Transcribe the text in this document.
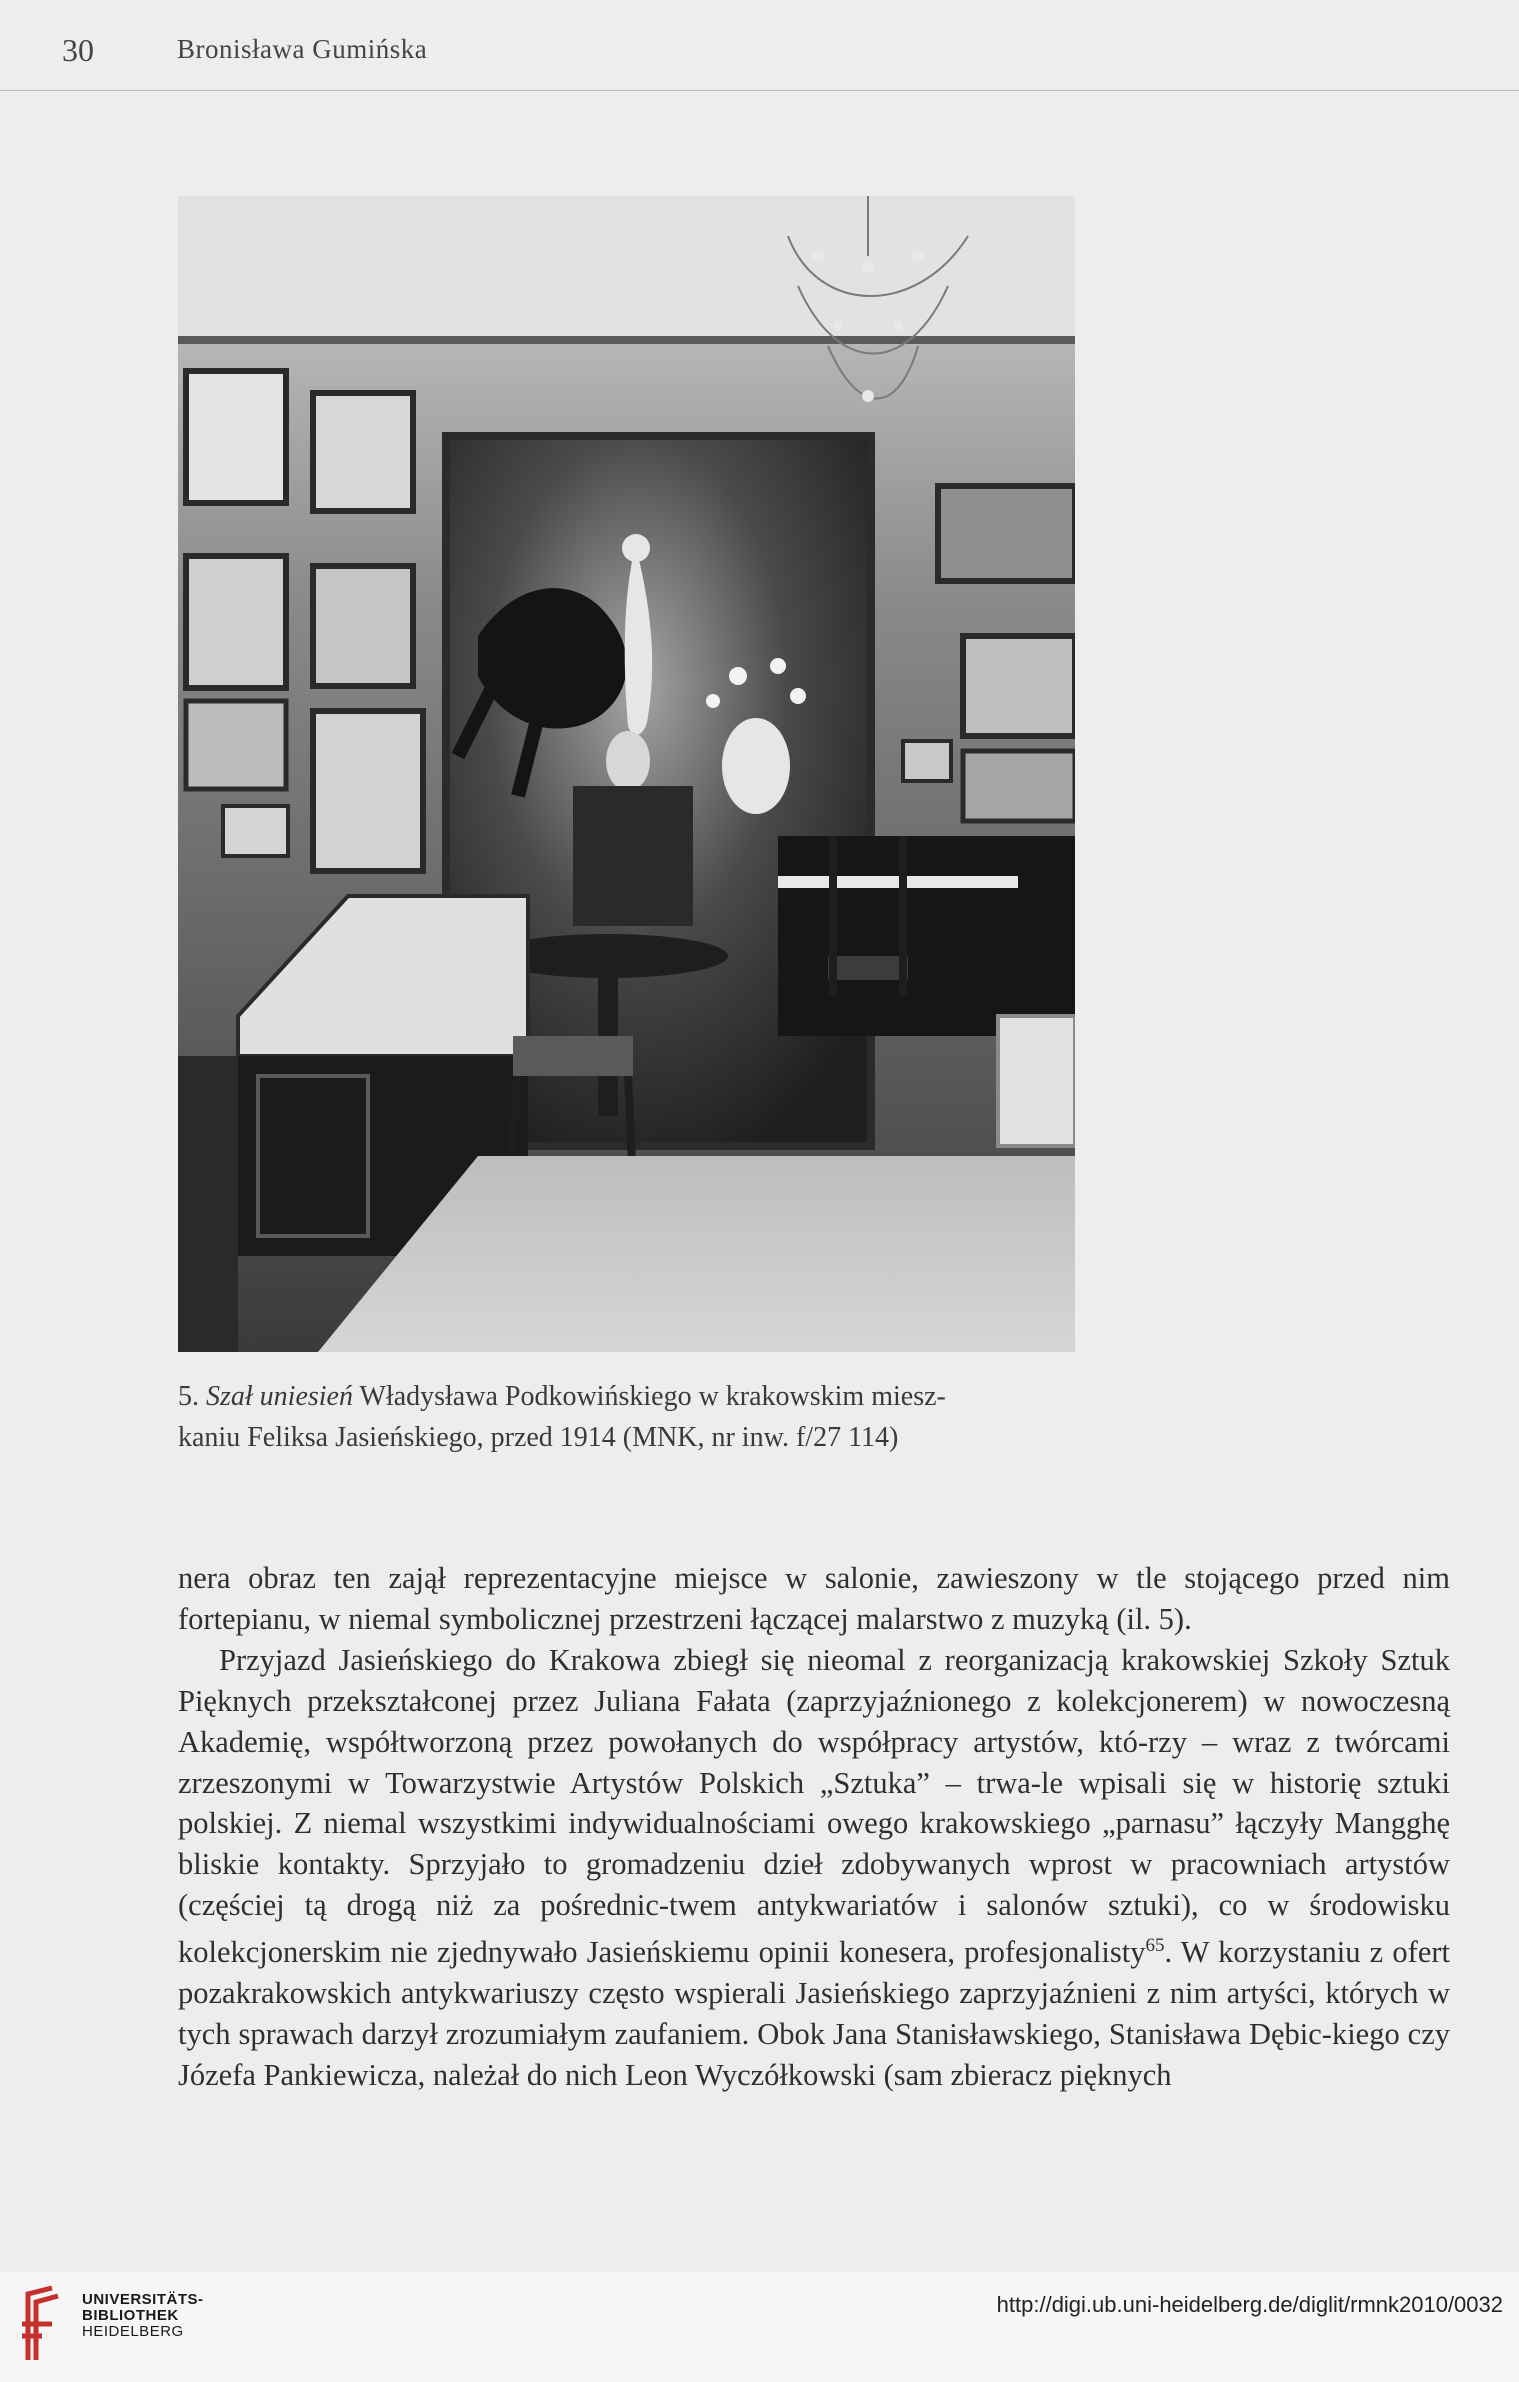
30	Bronisława Gumińska
5. Szał uniesień Władysława Podkowińskiego w krakowskim miesz-
kaniu Feliksa Jasieńskiego, przed 1914 (MNK, nr inw. f/27 114)

nera obraz ten zajął reprezentacyjne miejsce w salonie, zawieszony w tle stojącego przed nim fortepianu, w niemal symbolicznej przestrzeni łączącej malarstwo z muzyką (il. 5).

Przyjazd Jasieńskiego do Krakowa zbiegł się nieomal z reorganizacją krakowskiej Szkoły Sztuk Pięknych przekształconej przez Juliana Fałata (zaprzyjaźnionego z kolekcjonerem) w nowoczesną Akademię, współtworzoną przez powołanych do współpracy artystów, któ-rzy – wraz z twórcami zrzeszonymi w Towarzystwie Artystów Polskich „Sztuka” – trwa-le wpisali się w historię sztuki polskiej. Z niemal wszystkimi indywidualnościami owego krakowskiego „parnasu” łączyły Mangghę bliskie kontakty. Sprzyjało to gromadzeniu dzieł zdobywanych wprost w pracowniach artystów (częściej tą drogą niż za pośrednic-twem antykwariatów i salonów sztuki), co w środowisku kolekcjonerskim nie zjednywało Jasieńskiemu opinii konesera, profesjonalisty$^{65}$. W korzystaniu z ofert pozakrakowskich antykwariuszy często wspierali Jasieńskiego zaprzyjaźnieni z nim artyści, których w tych sprawach darzył zrozumiałym zaufaniem. Obok Jana Stanisławskiego, Stanisława Dębic-kiego czy Józefa Pankiewicza, należał do nich Leon Wyczółkowski (sam zbieracz pięknych

UNIVERSITÄTS-
BIBLIOTHEK
HEIDELBERG
http://digi.ub.uni-heidelberg.de/diglit/rmnk2010/0032
